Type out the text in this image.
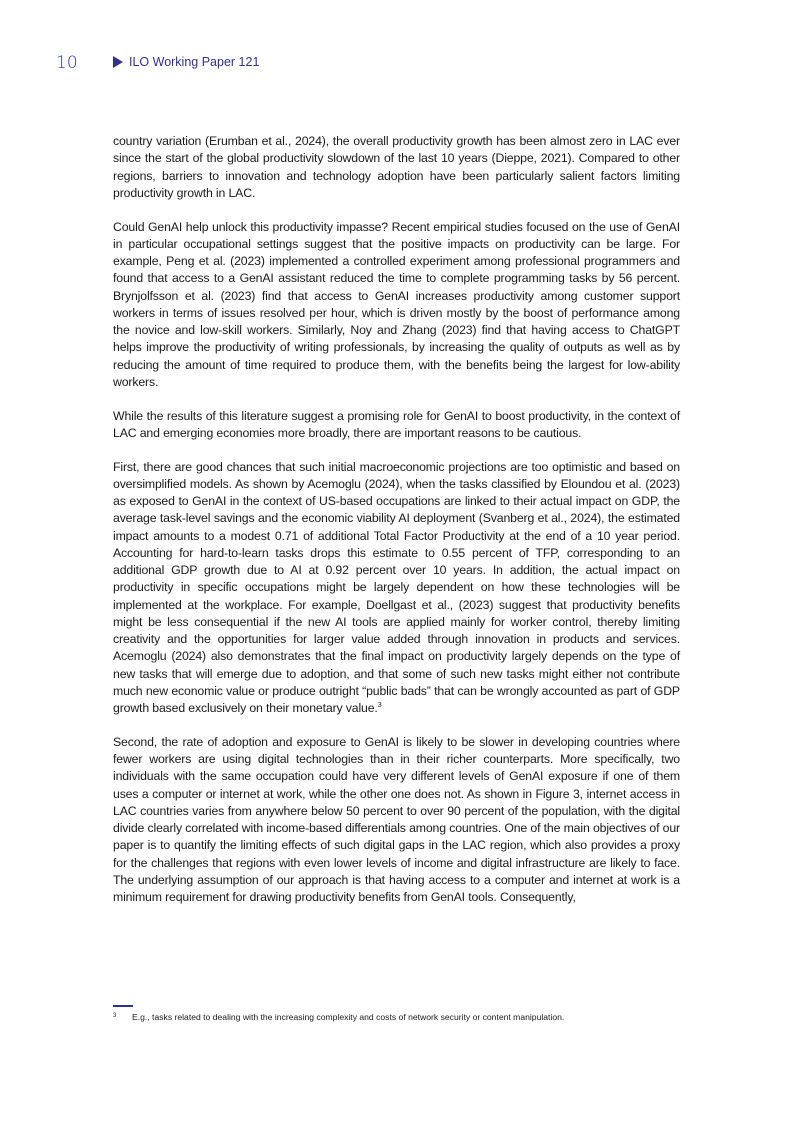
10	ILO Working Paper 121

country variation (Erumban et al., 2024), the overall productivity growth has been almost zero in LAC ever since the start of the global productivity slowdown of the last 10 years (Dieppe, 2021). Compared to other regions, barriers to innovation and technology adoption have been particularly salient factors limiting productivity growth in LAC.

Could GenAI help unlock this productivity impasse? Recent empirical studies focused on the use of GenAI in particular occupational settings suggest that the positive impacts on productivity can be large. For example, Peng et al. (2023) implemented a controlled experiment among professional programmers and found that access to a GenAI assistant reduced the time to complete programming tasks by 56 percent. Brynjolfsson et al. (2023) find that access to GenAI increases productivity among customer support workers in terms of issues resolved per hour, which is driven mostly by the boost of performance among the novice and low-skill workers. Similarly, Noy and Zhang (2023) find that having access to ChatGPT helps improve the productivity of writing professionals, by increasing the quality of outputs as well as by reducing the amount of time required to produce them, with the benefits being the largest for low-ability workers.

While the results of this literature suggest a promising role for GenAI to boost productivity, in the context of LAC and emerging economies more broadly, there are important reasons to be cautious.

First, there are good chances that such initial macroeconomic projections are too optimistic and based on oversimplified models. As shown by Acemoglu (2024), when the tasks classified by Eloundou et al. (2023) as exposed to GenAI in the context of US-based occupations are linked to their actual impact on GDP, the average task-level savings and the economic viability AI deployment (Svanberg et al., 2024), the estimated impact amounts to a modest 0.71 of additional Total Factor Productivity at the end of a 10 year period. Accounting for hard-to-learn tasks drops this estimate to 0.55 percent of TFP, corresponding to an additional GDP growth due to AI at 0.92 percent over 10 years. In addition, the actual impact on productivity in specific occupations might be largely dependent on how these technologies will be implemented at the workplace. For example, Doellgast et al., (2023) suggest that productivity benefits might be less consequential if the new AI tools are applied mainly for worker control, thereby limiting creativity and the opportunities for larger value added through innovation in products and services. Acemoglu (2024) also demonstrates that the final impact on productivity largely depends on the type of new tasks that will emerge due to adoption, and that some of such new tasks might either not contribute much new economic value or produce outright “public bads” that can be wrongly accounted as part of GDP growth based exclusively on their monetary value.$^3$

Second, the rate of adoption and exposure to GenAI is likely to be slower in developing countries where fewer workers are using digital technologies than in their richer counterparts. More specifically, two individuals with the same occupation could have very different levels of GenAI exposure if one of them uses a computer or internet at work, while the other one does not. As shown in Figure 3, internet access in LAC countries varies from anywhere below 50 percent to over 90 percent of the population, with the digital divide clearly correlated with income-based differentials among countries. One of the main objectives of our paper is to quantify the limiting effects of such digital gaps in the LAC region, which also provides a proxy for the challenges that regions with even lower levels of income and digital infrastructure are likely to face. The underlying assumption of our approach is that having access to a computer and internet at work is a minimum requirement for drawing productivity benefits from GenAI tools. Consequently,

3	E.g., tasks related to dealing with the increasing complexity and costs of network security or content manipulation.
